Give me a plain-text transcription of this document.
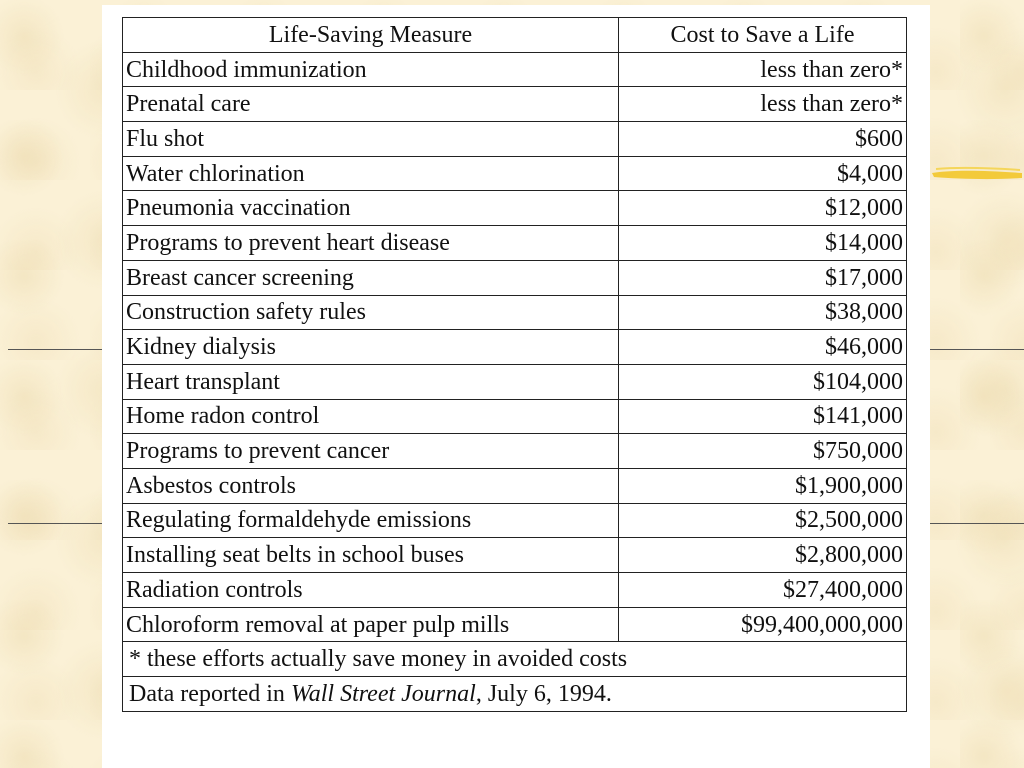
Life-Saving Measure	Cost to Save a Life
Childhood immunization	less than zero*
Prenatal care	less than zero*
Flu shot	$600
Water chlorination	$4,000
Pneumonia vaccination	$12,000
Programs to prevent heart disease	$14,000
Breast cancer screening	$17,000
Construction safety rules	$38,000
Kidney dialysis	$46,000
Heart transplant	$104,000
Home radon control	$141,000
Programs to prevent cancer	$750,000
Asbestos controls	$1,900,000
Regulating formaldehyde emissions	$2,500,000
Installing seat belts in school buses	$2,800,000
Radiation controls	$27,400,000
Chloroform removal at paper pulp mills	$99,400,000,000
* these efforts actually save money in avoided costs	
Data reported in Wall Street Journal, July 6, 1994.	
